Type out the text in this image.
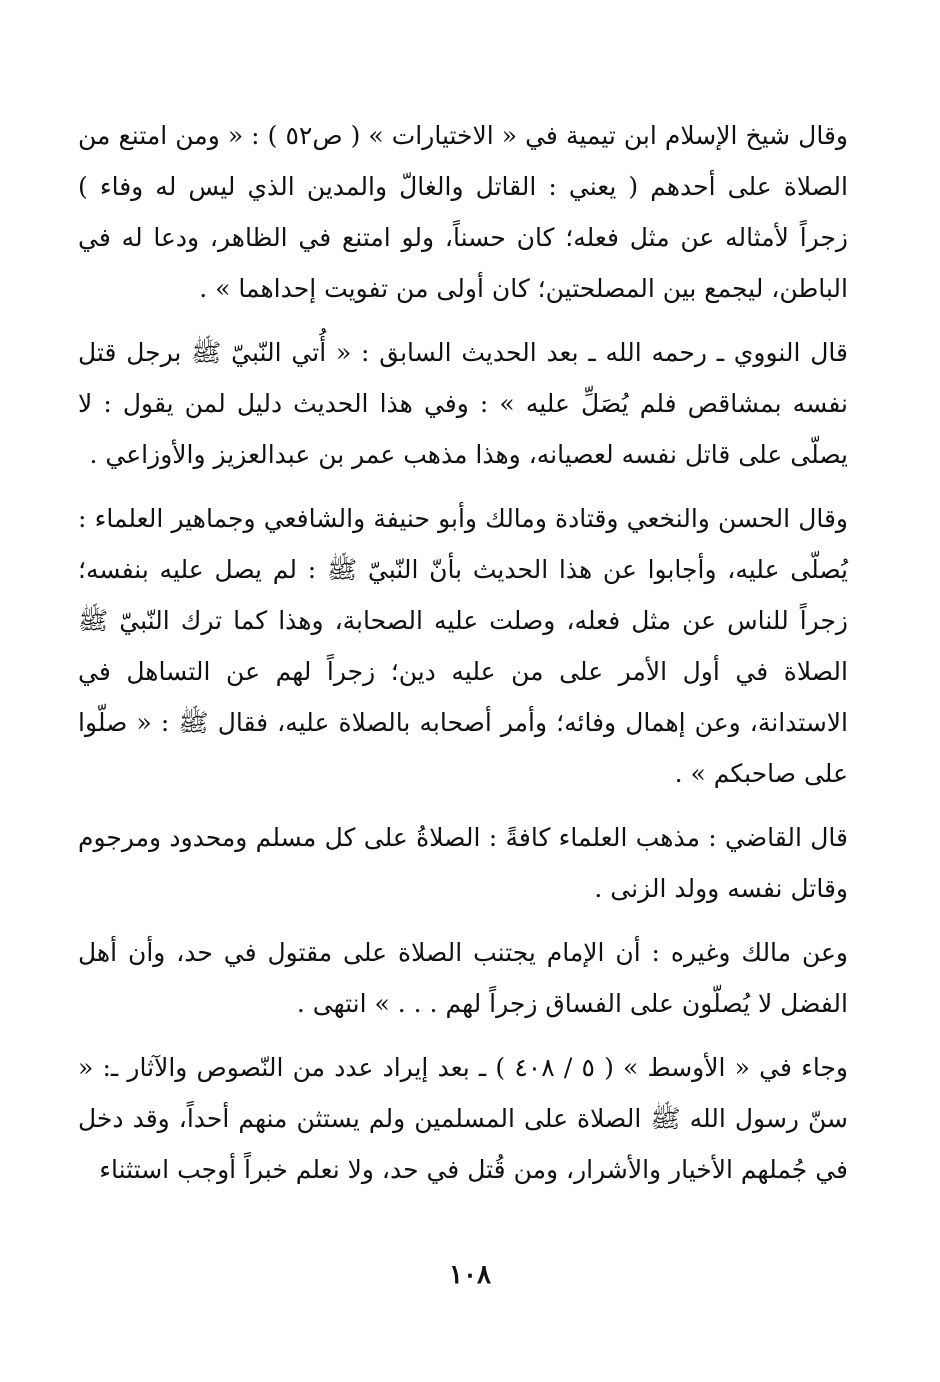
وقال شيخ الإسلام ابن تيمية في « الاختيارات » ( ص٥٢ ) : « ومن امتنع من الصلاة على أحدهم ( يعني : القاتل والغالّ والمدين الذي ليس له وفاء ) زجراً لأمثاله عن مثل فعله؛ كان حسناً، ولو امتنع في الظاهر، ودعا له في الباطن، ليجمع بين المصلحتين؛ كان أولى من تفويت إحداهما » .

قال النووي ـ رحمه الله ـ بعد الحديث السابق : « أُتي النّبيّ ﷺ برجل قتل نفسه بمشاقص فلم يُصَلِّ عليه » : وفي هذا الحديث دليل لمن يقول : لا يصلّى على قاتل نفسه لعصيانه، وهذا مذهب عمر بن عبدالعزيز والأوزاعي .

وقال الحسن والنخعي وقتادة ومالك وأبو حنيفة والشافعي وجماهير العلماء : يُصلّى عليه، وأجابوا عن هذا الحديث بأنّ النّبيّ ﷺ : لم يصل عليه بنفسه؛ زجراً للناس عن مثل فعله، وصلت عليه الصحابة، وهذا كما ترك النّبيّ ﷺ الصلاة في أول الأمر على من عليه دين؛ زجراً لهم عن التساهل في الاستدانة، وعن إهمال وفائه؛ وأمر أصحابه بالصلاة عليه، فقال ﷺ : « صلّوا على صاحبكم » .

قال القاضي : مذهب العلماء كافةً : الصلاةُ على كل مسلم ومحدود ومرجوم وقاتل نفسه وولد الزنى .

وعن مالك وغيره : أن الإمام يجتنب الصلاة على مقتول في حد، وأن أهل الفضل لا يُصلّون على الفساق زجراً لهم . . . » انتهى .

وجاء في « الأوسط » ( ٥ / ٤٠٨ ) ـ بعد إيراد عدد من النّصوص والآثار ـ: « سنّ رسول الله ﷺ الصلاة على المسلمين ولم يستثن منهم أحداً، وقد دخل في جُملهم الأخيار والأشرار، ومن قُتل في حد، ولا نعلم خبراً أوجب استثناء

١٠٨
